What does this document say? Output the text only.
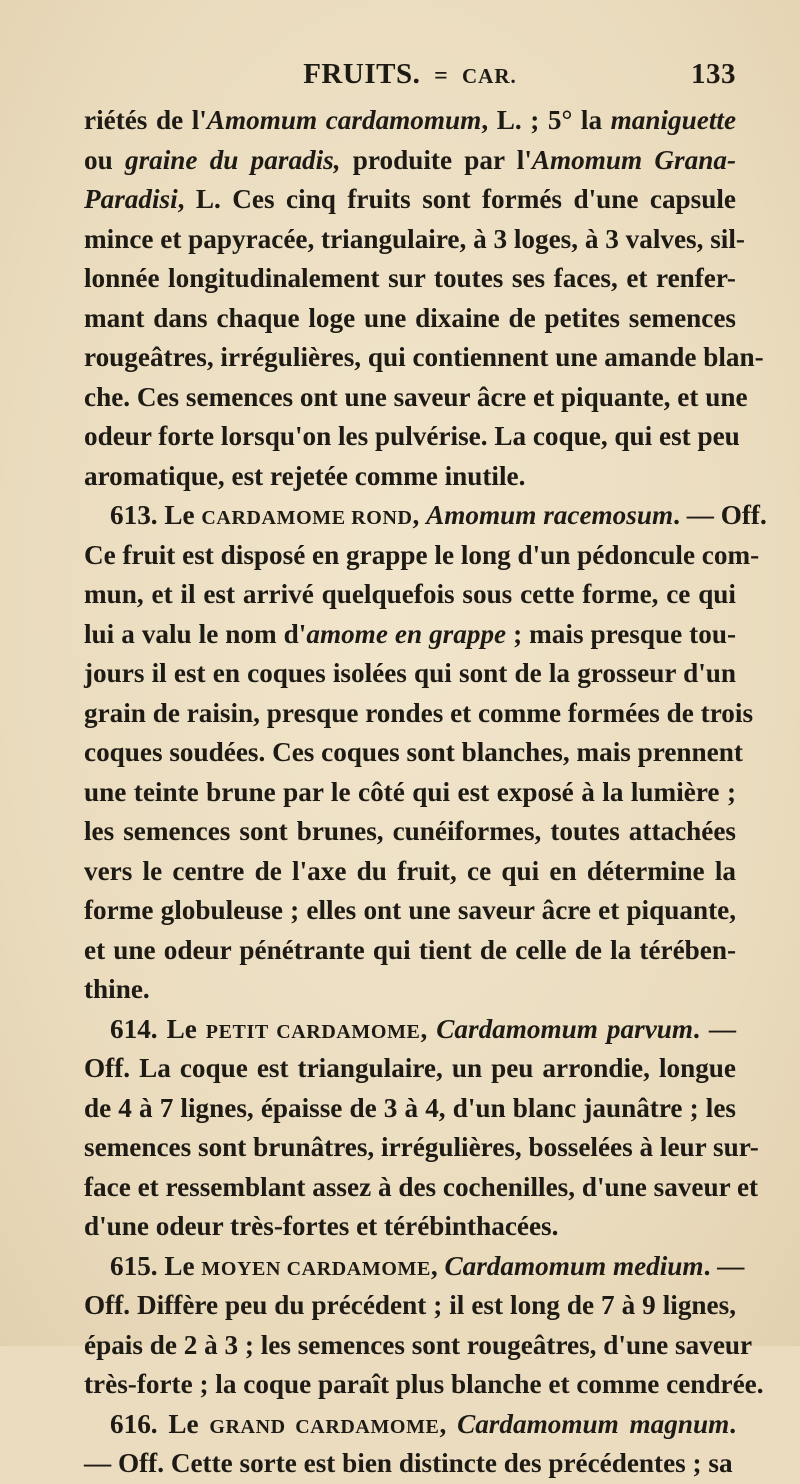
FRUITS. = CAR.	133
riétés de l'Amomum cardamomum, L. ; 5° la maniguette
ou graine du paradis, produite par l'Amomum Grana-
Paradisi, L. Ces cinq fruits sont formés d'une capsule
mince et papyracée, triangulaire, à 3 loges, à 3 valves, sil-
lonnée longitudinalement sur toutes ses faces, et renfer-
mant dans chaque loge une dixaine de petites semences
rougeâtres, irrégulières, qui contiennent une amande blan-
che. Ces semences ont une saveur âcre et piquante, et une
odeur forte lorsqu'on les pulvérise. La coque, qui est peu
aromatique, est rejetée comme inutile.
613. Le CARDAMOME ROND, Amomum racemosum. — Off.
Ce fruit est disposé en grappe le long d'un pédoncule com-
mun, et il est arrivé quelquefois sous cette forme, ce qui
lui a valu le nom d'amome en grappe ; mais presque tou-
jours il est en coques isolées qui sont de la grosseur d'un
grain de raisin, presque rondes et comme formées de trois
coques soudées. Ces coques sont blanches, mais prennent
une teinte brune par le côté qui est exposé à la lumière ;
les semences sont brunes, cunéiformes, toutes attachées
vers le centre de l'axe du fruit, ce qui en détermine la
forme globuleuse ; elles ont une saveur âcre et piquante,
et une odeur pénétrante qui tient de celle de la térében-
thine.
614. Le PETIT CARDAMOME, Cardamomum parvum. —
Off. La coque est triangulaire, un peu arrondie, longue
de 4 à 7 lignes, épaisse de 3 à 4, d'un blanc jaunâtre ; les
semences sont brunâtres, irrégulières, bosselées à leur sur-
face et ressemblant assez à des cochenilles, d'une saveur et
d'une odeur très-fortes et térébinthacées.
615. Le MOYEN CARDAMOME, Cardamomum medium. —
Off. Diffère peu du précédent ; il est long de 7 à 9 lignes,
épais de 2 à 3 ; les semences sont rougeâtres, d'une saveur
très-forte ; la coque paraît plus blanche et comme cendrée.
616. Le GRAND CARDAMOME, Cardamomum magnum.
— Off. Cette sorte est bien distincte des précédentes ; sa
